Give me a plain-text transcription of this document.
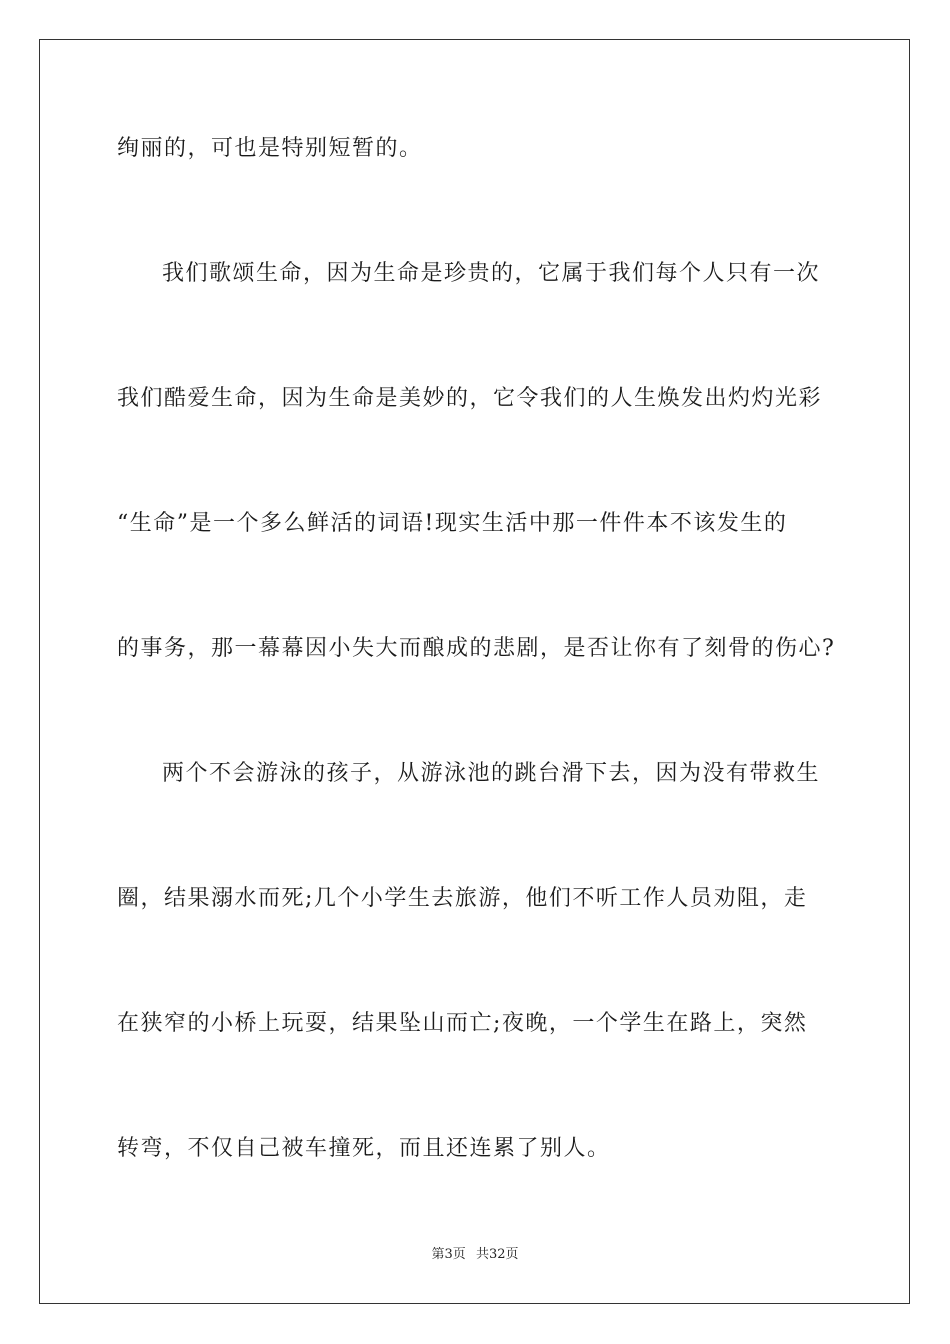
绚丽的，可也是特别短暂的。
我们歌颂生命，因为生命是珍贵的，它属于我们每个人只有一次
我们酷爱生命，因为生命是美妙的，它令我们的人生焕发出灼灼光彩
“生命”是一个多么鲜活的词语!现实生活中那一件件本不该发生的
的事务，那一幕幕因小失大而酿成的悲剧，是否让你有了刻骨的伤心?
两个不会游泳的孩子，从游泳池的跳台滑下去，因为没有带救生
圈，结果溺水而死;几个小学生去旅游，他们不听工作人员劝阻，走
在狭窄的小桥上玩耍，结果坠山而亡;夜晚，一个学生在路上，突然
转弯，不仅自己被车撞死，而且还连累了别人。
第3页 共32页
